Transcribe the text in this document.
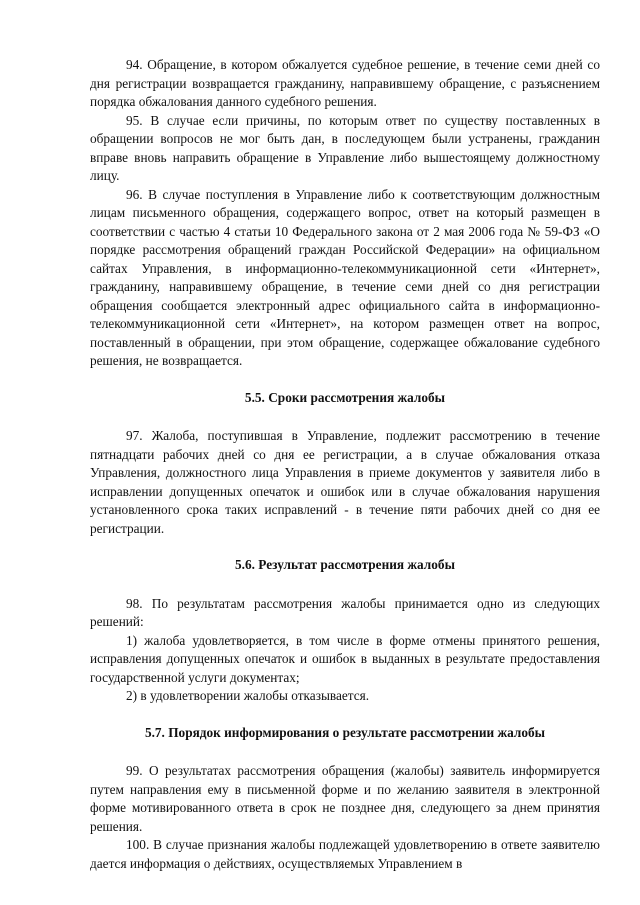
94. Обращение, в котором обжалуется судебное решение, в течение семи дней со дня регистрации возвращается гражданину, направившему обращение, с разъяснением порядка обжалования данного судебного решения.

95. В случае если причины, по которым ответ по существу поставленных в обращении вопросов не мог быть дан, в последующем были устранены, гражданин вправе вновь направить обращение в Управление либо вышестоящему должностному лицу.

96. В случае поступления в Управление либо к соответствующим должностным лицам письменного обращения, содержащего вопрос, ответ на который размещен в соответствии с частью 4 статьи 10 Федерального закона от 2 мая 2006 года № 59-ФЗ «О порядке рассмотрения обращений граждан Российской Федерации» на официальном сайтах Управления, в информационно-телекоммуникационной сети «Интернет», гражданину, направившему обращение, в течение семи дней со дня регистрации обращения сообщается электронный адрес официального сайта в информационно-телекоммуникационной сети «Интернет», на котором размещен ответ на вопрос, поставленный в обращении, при этом обращение, содержащее обжалование судебного решения, не возвращается.

5.5. Сроки рассмотрения жалобы

97. Жалоба, поступившая в Управление, подлежит рассмотрению в течение пятнадцати рабочих дней со дня ее регистрации, а в случае обжалования отказа Управления, должностного лица Управления в приеме документов у заявителя либо в исправлении допущенных опечаток и ошибок или в случае обжалования нарушения установленного срока таких исправлений - в течение пяти рабочих дней со дня ее регистрации.

5.6. Результат рассмотрения жалобы

98. По результатам рассмотрения жалобы принимается одно из следующих решений:

1) жалоба удовлетворяется, в том числе в форме отмены принятого решения, исправления допущенных опечаток и ошибок в выданных в результате предоставления государственной услуги документах;

2) в удовлетворении жалобы отказывается.

5.7. Порядок информирования о результате рассмотрении жалобы

99. О результатах рассмотрения обращения (жалобы) заявитель информируется путем направления ему в письменной форме и по желанию заявителя в электронной форме мотивированного ответа в срок не позднее дня, следующего за днем принятия решения.

100. В случае признания жалобы подлежащей удовлетворению в ответе заявителю дается информация о действиях, осуществляемых Управлением в
